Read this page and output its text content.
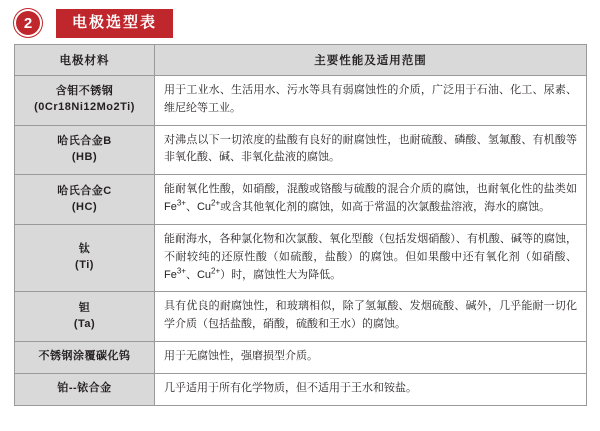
2	电极选型表
电极材料	主要性能及适用范围
含钼不锈钢
(0Cr18Ni12Mo2Ti)	用于工业水、生活用水、污水等具有弱腐蚀性的介质，广泛用于石油、化工、尿素、维尼纶等工业。
哈氏合金B
(HB)	对沸点以下一切浓度的盐酸有良好的耐腐蚀性，也耐硫酸、磷酸、氢氟酸、有机酸等非氧化酸、碱、非氧化盐液的腐蚀。
哈氏合金C
(HC)	能耐氧化性酸，如硝酸，混酸或铬酸与硫酸的混合介质的腐蚀，也耐氧化性的盐类如$Fe^{3+}$、$Cu^{2+}$或含其他氧化剂的腐蚀，如高于常温的次氯酸盐溶液，海水的腐蚀。
钛
(Ti)	能耐海水，各种氯化物和次氯酸、氧化型酸（包括发烟硝酸）、有机酸、碱等的腐蚀，不耐较纯的还原性酸（如硫酸，盐酸）的腐蚀。但如果酸中还有氧化剂（如硝酸、$Fe^{3+}$、$Cu^{2+}$）时，腐蚀性大为降低。
钽
(Ta)	具有优良的耐腐蚀性，和玻璃相似，除了氢氟酸、发烟硫酸、碱外，几乎能耐一切化学介质（包括盐酸，硝酸，硫酸和王水）的腐蚀。
不锈钢涂覆碳化钨	用于无腐蚀性，强磨损型介质。
铂--铱合金	几乎适用于所有化学物质，但不适用于王水和铵盐。
